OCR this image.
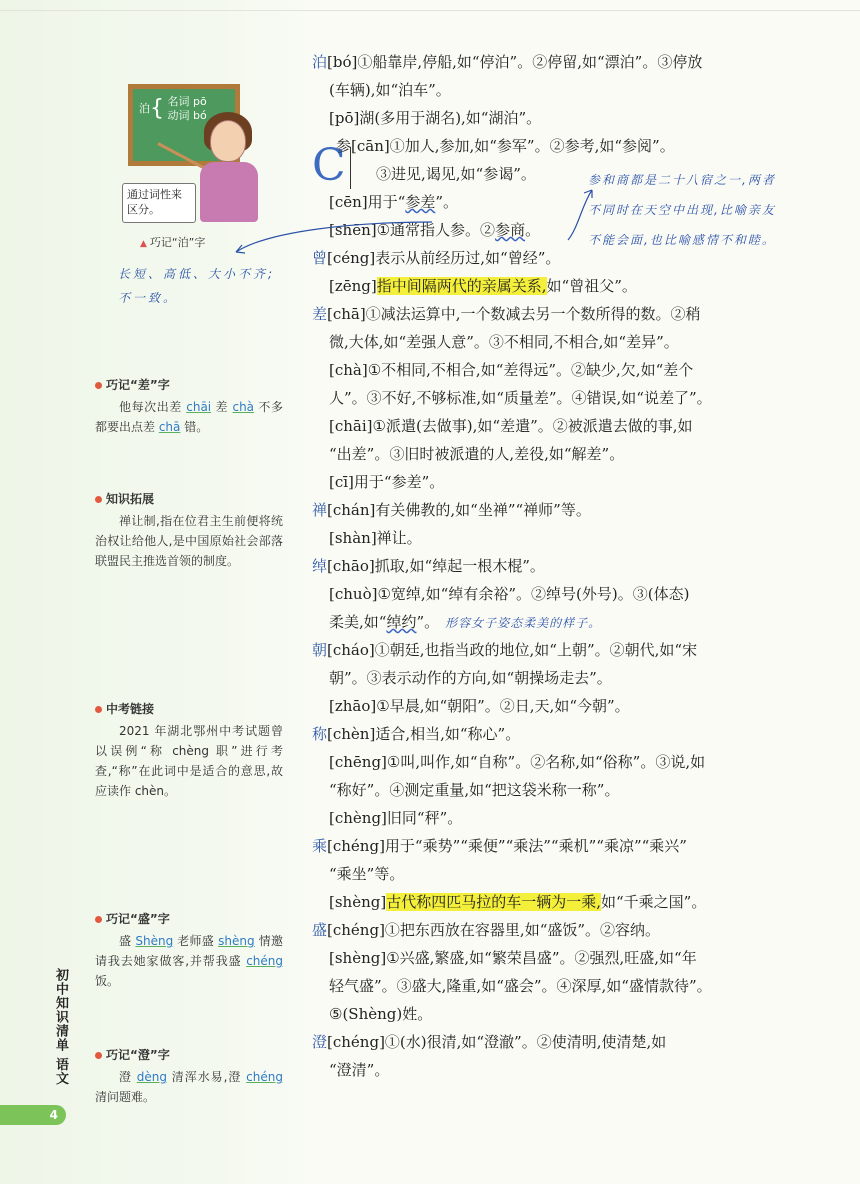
泊{ 名词 pō
动词 bó
通过词性来区分。
▲ 巧记“泊”字
长短、高低、大小不齐;不一致。
巧记“差”字
他每次出差 chāi 差 chà 不多都要出点差 chā 错。
知识拓展
禅让制,指在位君主生前便将统治权让给他人,是中国原始社会部落联盟民主推选首领的制度。
中考链接
2021 年湖北鄂州中考试题曾以误例“称 chèng 职”进行考查,“称”在此词中是适合的意思,故应读作 chèn。
巧记“盛”字
盛 Shèng 老师盛 shèng 情邀请我去她家做客,并帮我盛 chéng 饭。
巧记“澄”字
澄 dèng 清浑水易,澄 chéng 清问题难。
初中知识清单 语文
4
C
泊[bó]①船靠岸,停船,如“停泊”。②停留,如“漂泊”。③停放
(车辆),如“泊车”。
[pō]湖(多用于湖名),如“湖泊”。
参[cān]①加人,参加,如“参军”。②参考,如“参阅”。
③进见,谒见,如“参谒”。
[cēn]用于“参差”。
[shēn]①通常指人参。②参商。
曾[céng]表示从前经历过,如“曾经”。
[zēng]指中间隔两代的亲属关系,如“曾祖父”。
差[chā]①减法运算中,一个数减去另一个数所得的数。②稍
微,大体,如“差强人意”。③不相同,不相合,如“差异”。
[chà]①不相同,不相合,如“差得远”。②缺少,欠,如“差个
人”。③不好,不够标准,如“质量差”。④错误,如“说差了”。
[chāi]①派遣(去做事),如“差遣”。②被派遣去做的事,如
“出差”。③旧时被派遣的人,差役,如“解差”。
[cī]用于“参差”。
禅[chán]有关佛教的,如“坐禅”“禅师”等。
[shàn]禅让。
绰[chāo]抓取,如“绰起一根木棍”。
[chuò]①宽绰,如“绰有余裕”。②绰号(外号)。③(体态)
柔美,如“绰约”。 形容女子姿态柔美的样子。
朝[cháo]①朝廷,也指当政的地位,如“上朝”。②朝代,如“宋
朝”。③表示动作的方向,如“朝操场走去”。
[zhāo]①早晨,如“朝阳”。②日,天,如“今朝”。
称[chèn]适合,相当,如“称心”。
[chēng]①叫,叫作,如“自称”。②名称,如“俗称”。③说,如
“称好”。④测定重量,如“把这袋米称一称”。
[chèng]旧同“秤”。
乘[chéng]用于“乘势”“乘便”“乘法”“乘机”“乘凉”“乘兴”
“乘坐”等。
[shèng]古代称四匹马拉的车一辆为一乘,如“千乘之国”。
盛[chéng]①把东西放在容器里,如“盛饭”。②容纳。
[shèng]①兴盛,繁盛,如“繁荣昌盛”。②强烈,旺盛,如“年
轻气盛”。③盛大,隆重,如“盛会”。④深厚,如“盛情款待”。
⑤(Shèng)姓。
澄[chéng]①(水)很清,如“澄澈”。②使清明,使清楚,如
“澄清”。
参和商都是二十八宿之一,两者不同时在天空中出现,比喻亲友不能会面,也比喻感情不和睦。
